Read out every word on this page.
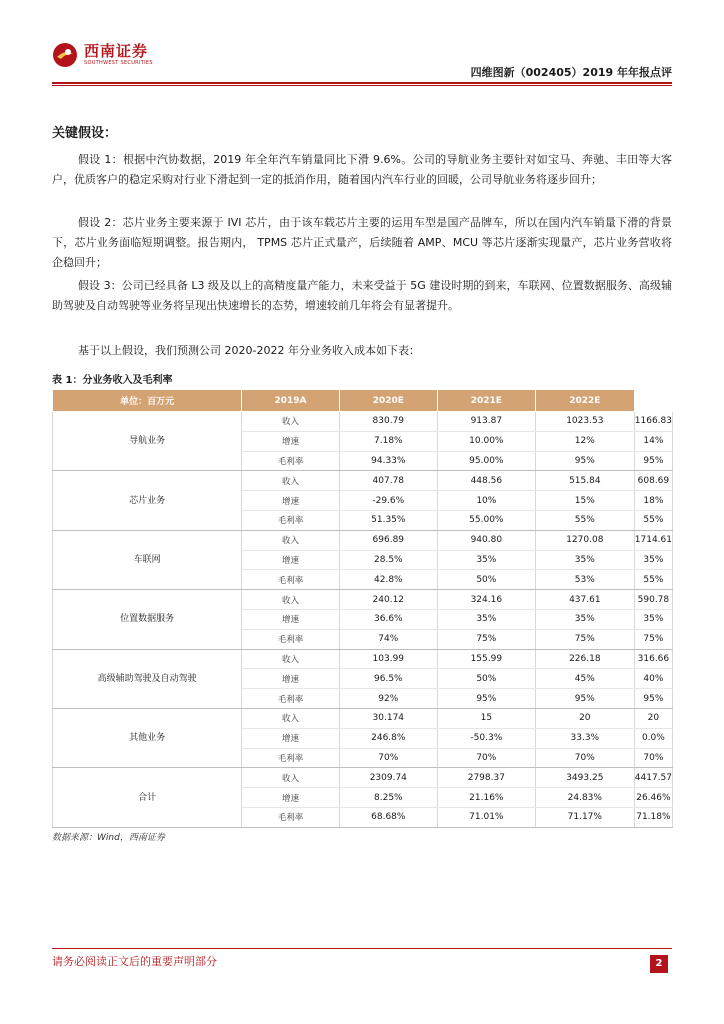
西南证券
SOUTHWEST SECURITIES
四维图新（002405）2019 年年报点评
关键假设：

假设 1：根据中汽协数据，2019 年全年汽车销量同比下滑 9.6%。公司的导航业务主要针对如宝马、奔驰、丰田等大客户，优质客户的稳定采购对行业下滑起到一定的抵消作用，随着国内汽车行业的回暖，公司导航业务将逐步回升；

假设 2：芯片业务主要来源于 IVI 芯片，由于该车载芯片主要的运用车型是国产品牌车，所以在国内汽车销量下滑的背景下，芯片业务面临短期调整。报告期内， TPMS 芯片正式量产，后续随着 AMP、MCU 等芯片逐渐实现量产，芯片业务营收将企稳回升；

假设 3：公司已经具备 L3 级及以上的高精度量产能力，未来受益于 5G 建设时期的到来，车联网、位置数据服务、高级辅助驾驶及自动驾驶等业务将呈现出快速增长的态势，增速较前几年将会有显著提升。

基于以上假设，我们预测公司 2020-2022 年分业务收入成本如下表：

表 1：分业务收入及毛利率
单位：百万元	2019A	2020E	2021E	2022E	
导航业务	收入	830.79	913.87	1023.53	1166.83
	增速	7.18%	10.00%	12%	14%
	毛利率	94.33%	95.00%	95%	95%
芯片业务	收入	407.78	448.56	515.84	608.69
	增速	-29.6%	10%	15%	18%
	毛利率	51.35%	55.00%	55%	55%
车联网	收入	696.89	940.80	1270.08	1714.61
	增速	28.5%	35%	35%	35%
	毛利率	42.8%	50%	53%	55%
位置数据服务	收入	240.12	324.16	437.61	590.78
	增速	36.6%	35%	35%	35%
	毛利率	74%	75%	75%	75%
高级辅助驾驶及自动驾驶	收入	103.99	155.99	226.18	316.66
	增速	96.5%	50%	45%	40%
	毛利率	92%	95%	95%	95%
其他业务	收入	30.174	15	20	20
	增速	246.8%	-50.3%	33.3%	0.0%
	毛利率	70%	70%	70%	70%
合计	收入	2309.74	2798.37	3493.25	4417.57
	增速	8.25%	21.16%	24.83%	26.46%
	毛利率	68.68%	71.01%	71.17%	71.18%
数据来源：Wind，西南证券
请务必阅读正文后的重要声明部分	2
